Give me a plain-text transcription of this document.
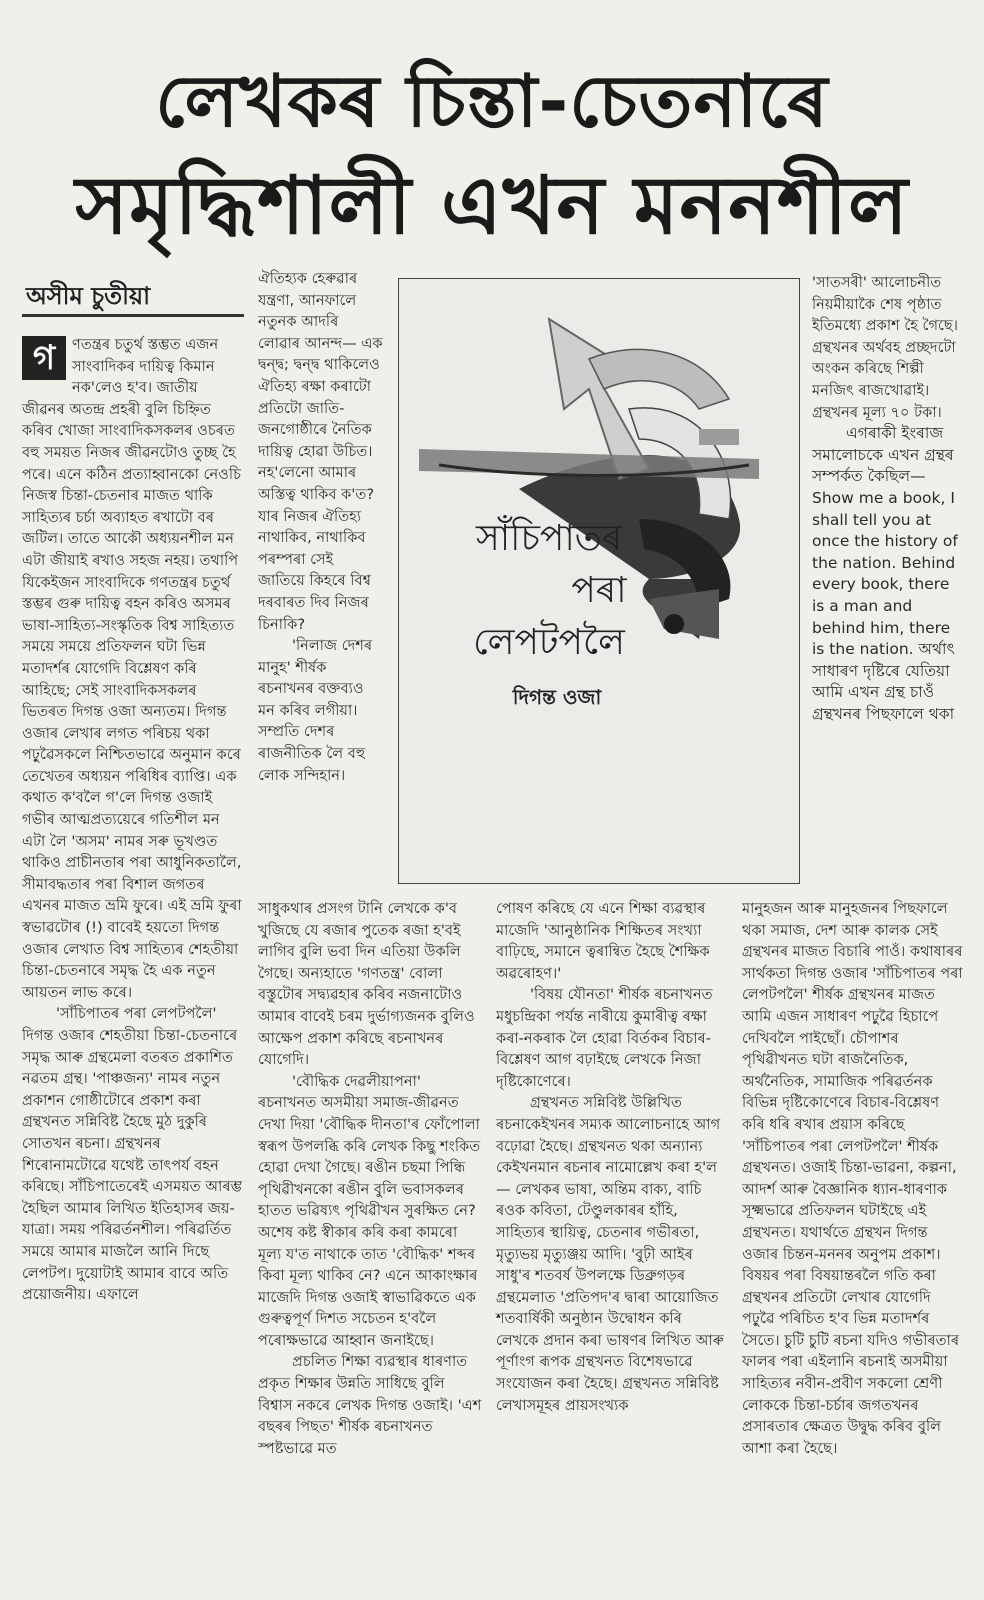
লেখকৰ চিন্তা-চেতনাৰে
সমৃদ্ধিশালী এখন মননশীল
অসীম চুতীয়া

গ	ণতন্ত্ৰৰ চতুৰ্থ স্তম্ভত এজন সাংবাদিকৰ দায়িত্ব কিমান নক'লেও হ'ব। জাতীয় জীৱনৰ অতন্দ্ৰ প্ৰহৰী বুলি চিহ্নিত কৰিব খোজা সাংবাদিকসকলৰ ওচৰত বহু সময়ত নিজৰ জীৱনটোও তুচ্ছ হৈ পৰে। এনে কঠিন প্ৰত্যাহ্বানকো নেওচি নিজস্ব চিন্তা-চেতনাৰ মাজত থাকি সাহিত্যৰ চৰ্চা অব্যাহত ৰখাটো বৰ জটিল। তাতে আকৌ অধ্যয়নশীল মন এটা জীয়াই ৰখাও সহজ নহয়। তথাপি যিকেইজন সাংবাদিকে গণতন্ত্ৰৰ চতুৰ্থ স্তম্ভৰ গুৰু দায়িত্ব বহন কৰিও অসমৰ ভাষা-সাহিত্য-সংস্কৃতিক বিশ্ব সাহিত্যত সময়ে সময়ে প্ৰতিফলন ঘটা ভিন্ন মতাদৰ্শৰ যোগেদি বিশ্লেষণ কৰি আহিছে; সেই সাংবাদিকসকলৰ ভিতৰত দিগন্ত ওজা অন্যতম। দিগন্ত ওজাৰ লেখাৰ লগত পৰিচয় থকা পঢ়ুৱৈসকলে নিশ্চিতভাৱে অনুমান কৰে তেখেতৰ অধ্যয়ন পৰিধিৰ ব্যাপ্তি। এক কথাত ক'বলৈ গ'লে দিগন্ত ওজাই গভীৰ আত্মপ্ৰত্যয়েৰে গতিশীল মন এটা লৈ 'অসম' নামৰ সৰু ভূখণ্ডত থাকিও প্ৰাচীনতাৰ পৰা আধুনিকতালৈ, সীমাবদ্ধতাৰ পৰা বিশাল জগতৰ এখনৰ মাজত ভ্ৰমি ফুৰে। এই ভ্ৰমি ফুৰা স্বভাৱটোৰ (!) বাবেই হয়তো দিগন্ত ওজাৰ লেখাত বিশ্ব সাহিত্যৰ শেহতীয়া চিন্তা-চেতনাৰে সমৃদ্ধ হৈ এক নতুন আয়তন লাভ কৰে।

'সাঁচিপাতৰ পৰা লেপটপলৈ' দিগন্ত ওজাৰ শেহতীয়া চিন্তা-চেতনাৰে সমৃদ্ধ আৰু গ্ৰন্থমেলা বতৰত প্ৰকাশিত নৱতম গ্ৰন্থ। 'পাঞ্চজন্য' নামৰ নতুন প্ৰকাশন গোষ্ঠীটোৰে প্ৰকাশ কৰা গ্ৰন্থখনত সন্নিবিষ্ট হৈছে মুঠ দুকুৰি সোতখন ৰচনা। গ্ৰন্থখনৰ শিৰোনামটোৱে যথেষ্ট তাৎপৰ্য বহন কৰিছে। সাঁচিপাতেৰেই এসময়ত আৰম্ভ হৈছিল আমাৰ লিখিত ইতিহাসৰ জয়-যাত্ৰা। সময় পৰিৱৰ্তনশীল। পৰিৱৰ্তিত সময়ে আমাৰ মাজলৈ আনি দিছে লেপটপ। দুয়োটাই আমাৰ বাবে অতি প্ৰয়োজনীয়। এফালে

ঐতিহ্যক হেৰুৱাৰ যন্ত্ৰণা, আনফালে নতুনক আদৰি লোৱাৰ আনন্দ— এক দ্বন্দ্ব; দ্বন্দ্ব থাকিলেও ঐতিহ্য ৰক্ষা কৰাটো প্ৰতিটো জাতি-জনগোষ্ঠীৰে নৈতিক দায়িত্ব হোৱা উচিত। নহ'লেনো আমাৰ অস্তিত্ব থাকিব ক'ত? যাৰ নিজৰ ঐতিহ্য নাথাকিব, নাথাকিব পৰম্পৰা সেই জাতিয়ে কিহৰে বিশ্ব দৰবাৰত দিব নিজৰ চিনাকি?

'নিলাজ দেশৰ মানুহ' শীৰ্ষক ৰচনাখনৰ বক্তব্যও মন কৰিব লগীয়া। সম্প্ৰতি দেশৰ ৰাজনীতিক লৈ বহু লোক সন্দিহান।

সাঁচিপাতৰ
পৰা
লেপটপলৈ
দিগন্ত ওজা

'সাতসৰী' আলোচনীত নিয়মীয়াকৈ শেষ পৃষ্ঠাত ইতিমধ্যে প্ৰকাশ হৈ গৈছে। গ্ৰন্থখনৰ অৰ্থবহ প্ৰচ্ছদটো অংকন কৰিছে শিল্পী মনজিৎ ৰাজখোৱাই। গ্ৰন্থখনৰ মূল্য ৭০ টকা।

এগৰাকী ইংৰাজ সমালোচকে এখন গ্ৰন্থৰ সম্পৰ্কত কৈছিল— Show me a book, I shall tell you at once the history of the nation. Behind every book, there is a man and behind him, there is the nation. অৰ্থাৎ সাধাৰণ দৃষ্টিৰে যেতিয়া আমি এখন গ্ৰন্থ চাওঁ গ্ৰন্থখনৰ পিছফালে থকা

সাধুকথাৰ প্ৰসংগ টানি লেখকে ক'ব খুজিছে যে ৰজাৰ পুতেক ৰজা হ'বই লাগিব বুলি ভবা দিন এতিয়া উকলি গৈছে। অন্যহাতে 'গণতন্ত্ৰ' বোলা বস্তুটোৰ সদ্ব্যৱহাৰ কৰিব নজনাটোও আমাৰ বাবেই চৰম দুৰ্ভাগ্যজনক বুলিও আক্ষেপ প্ৰকাশ কৰিছে ৰচনাখনৰ যোগেদি।

'বৌদ্ধিক দেৱলীয়াপনা' ৰচনাখনত অসমীয়া সমাজ-জীৱনত দেখা দিয়া 'বৌদ্ধিক দীনতা'ৰ ফোঁপোলা স্বৰূপ উপলব্ধি কৰি লেখক কিছু শংকিত হোৱা দেখা গৈছে। ৰঙীন চছমা পিন্ধি পৃথিৱীখনকো ৰঙীন বুলি ভবাসকলৰ হাতত ভৱিষ্যৎ পৃথিৱীখন সুৰক্ষিত নে? অশেষ কষ্ট স্বীকাৰ কৰি কৰা কামৰো মূল্য য'ত নাথাকে তাত 'বৌদ্ধিক' শব্দৰ কিবা মূল্য থাকিব নে? এনে আকাংক্ষাৰ মাজেদি দিগন্ত ওজাই স্বাভাৱিকতে এক গুৰুত্বপূৰ্ণ দিশত সচেতন হ'বলৈ পৰোক্ষভাৱে আহ্বান জনাইছে।

প্ৰচলিত শিক্ষা ব্যৱস্থাৰ ধাৰণাত প্ৰকৃত শিক্ষাৰ উন্নতি সাধিছে বুলি বিশ্বাস নকৰে লেখক দিগন্ত ওজাই। 'এশ বছৰৰ পিছত' শীৰ্ষক ৰচনাখনত স্পষ্টভাৱে মত

পোষণ কৰিছে যে এনে শিক্ষা ব্যৱস্থাৰ মাজেদি 'আনুষ্ঠানিক শিক্ষিতৰ সংখ্যা বাঢ়িছে, সমানে ত্বৰান্বিত হৈছে শৈক্ষিক অৱৰোহণ।'

'বিষয় যৌনতা' শীৰ্ষক ৰচনাখনত মধুচন্দ্ৰিকা পৰ্যন্ত নাৰীয়ে কুমাৰীত্ব ৰক্ষা কৰা-নকৰাক লৈ হোৱা বিৰ্তকৰ বিচাৰ-বিশ্লেষণ আগ বঢ়াইছে লেখকে নিজা দৃষ্টিকোণেৰে।

গ্ৰন্থখনত সন্নিবিষ্ট উল্লিখিত ৰচনাকেইখনৰ সম্যক আলোচনাহে আগ বঢ়োৱা হৈছে। গ্ৰন্থখনত থকা অন্যান্য কেইখনমান ৰচনাৰ নামোল্লেখ কৰা হ'ল— লেখকৰ ভাষা, অন্তিম বাক্য, বাচি ৰওক কবিতা, টেণ্ডুলকাৰৰ হাঁহি, সাহিত্যৰ স্থায়িত্ব, চেতনাৰ গভীৰতা, মৃত্যুভয় মৃত্যুঞ্জয় আদি। 'বুঢ়ী আইৰ সাধু'ৰ শতবৰ্ষ উপলক্ষে ডিব্ৰুগড়ৰ গ্ৰন্থমেলাত 'প্ৰতিপদ'ৰ দ্বাৰা আয়োজিত শতবাৰ্ষিকী অনুষ্ঠান উদ্বোধন কৰি লেখকে প্ৰদান কৰা ভাষণৰ লিখিত আৰু পূৰ্ণাংগ ৰূপক গ্ৰন্থখনত বিশেষভাৱে সংযোজন কৰা হৈছে। গ্ৰন্থখনত সন্নিবিষ্ট লেখাসমূহৰ প্ৰায়সংখ্যক

মানুহজন আৰু মানুহজনৰ পিছফালে থকা সমাজ, দেশ আৰু কালক সেই গ্ৰন্থখনৰ মাজত বিচাৰি পাওঁ। কথাষাৰৰ সাৰ্থকতা দিগন্ত ওজাৰ 'সাঁচিপাতৰ পৰা লেপটপলৈ' শীৰ্ষক গ্ৰন্থখনৰ মাজত আমি এজন সাধাৰণ পঢ়ুৱৈ হিচাপে দেখিবলৈ পাইছোঁ। চৌপাশৰ পৃথিৱীখনত ঘটা ৰাজনৈতিক, অৰ্থনৈতিক, সামাজিক পৰিৱৰ্তনক বিভিন্ন দৃষ্টিকোণেৰে বিচাৰ-বিশ্লেষণ কৰি ধৰি ৰখাৰ প্ৰয়াস কৰিছে 'সাঁচিপাতৰ পৰা লেপটপলৈ' শীৰ্ষক গ্ৰন্থখনত। ওজাই চিন্তা-ভাৱনা, কল্পনা, আদৰ্শ আৰু বৈজ্ঞানিক ধ্যান-ধাৰণাক সূক্ষ্মভাৱে প্ৰতিফলন ঘটাইছে এই গ্ৰন্থখনত। যথাৰ্থতে গ্ৰন্থখন দিগন্ত ওজাৰ চিন্তন-মননৰ অনুপম প্ৰকাশ। বিষয়ৰ পৰা বিষয়ান্তৰলৈ গতি কৰা গ্ৰন্থখনৰ প্ৰতিটো লেখাৰ যোগেদি পঢ়ুৱৈ পৰিচিত হ'ব ভিন্ন মতাদৰ্শৰ সৈতে। চুটি চুটি ৰচনা যদিও গভীৰতাৰ ফালৰ পৰা এইলানি ৰচনাই অসমীয়া সাহিত্যৰ নবীন-প্ৰবীণ সকলো শ্ৰেণী লোককে চিন্তা-চৰ্চাৰ জগতখনৰ প্ৰসাৰতাৰ ক্ষেত্ৰত উদ্বুদ্ধ কৰিব বুলি আশা কৰা হৈছে।
